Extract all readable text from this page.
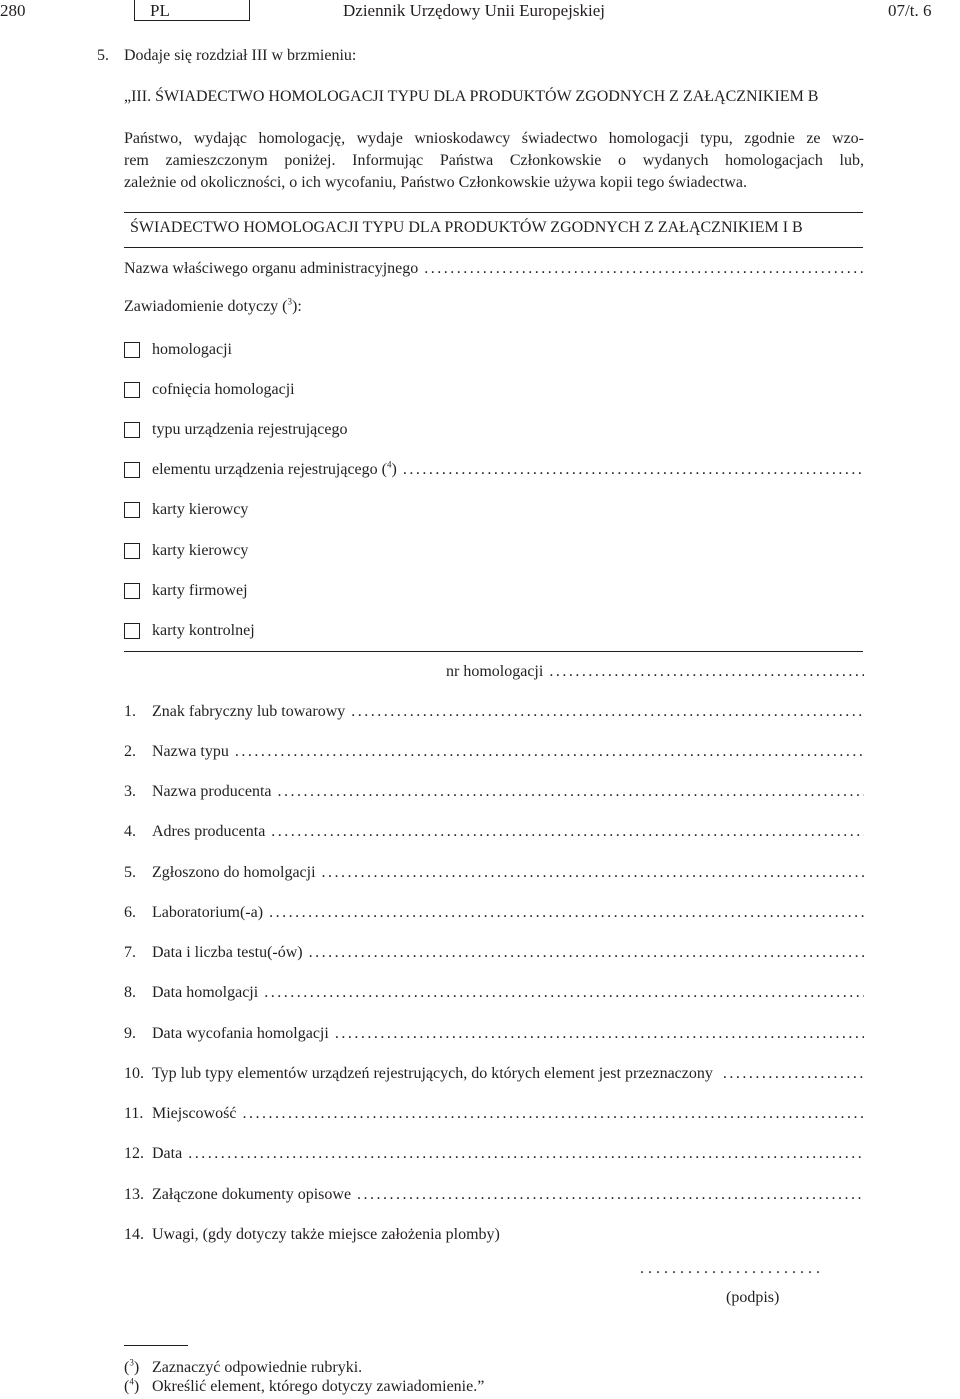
280	PL	Dziennik Urzędowy Unii Europejskiej	07/t. 6
5. Dodaje się rozdział III w brzmieniu:
„III. ŚWIADECTWO HOMOLOGACJI TYPU DLA PRODUKTÓW ZGODNYCH Z ZAŁĄCZNIKIEM B
Państwo, wydając homologację, wydaje wnioskodawcy świadectwo homologacji typu, zgodnie ze wzo-
rem zamieszczonym poniżej. Informując Państwa Członkowskie o wydanych homologacjach lub,
zależnie od okoliczności, o ich wycofaniu, Państwo Członkowskie używa kopii tego świadectwa.
ŚWIADECTWO HOMOLOGACJI TYPU DLA PRODUKTÓW ZGODNYCH Z ZAŁĄCZNIKIEM I B
Nazwa właściwego organu administracyjnego
. . .
Zawiadomienie dotyczy ($^3$):
homologacji
cofnięcia homologacji
typu urządzenia rejestrującego
elementu urządzenia rejestrującego ($^4$)
. . .
karty kierowcy
karty kierowcy
karty firmowej
karty kontrolnej
nr homologacji
. . .
1.	Znak fabryczny lub towarowy
. . .
2.	Nazwa typu
. . .
3.	Nazwa producenta
. . .
4.	Adres producenta
. . .
5.	Zgłoszono do homolgacji
. . .
6.	Laboratorium(-a)
. . .
7.	Data i liczba testu(-ów)
. . .
8.	Data homolgacji
. . .
9.	Data wycofania homolgacji
. . .
10. Typ lub typy elementów urządzeń rejestrujących, do których element jest przeznaczony
. . .
11. Miejscowość
. . .
12. Data
. . .
13. Załączone dokumenty opisowe
. . .
14. Uwagi, (gdy dotyczy także miejsce założenia plomby)
. . . . . . . . . . . . . . . . . . . . . . .
(podpis)
($^3$) Zaznaczyć odpowiednie rubryki.
($^4$) Określić element, którego dotyczy zawiadomienie.”
